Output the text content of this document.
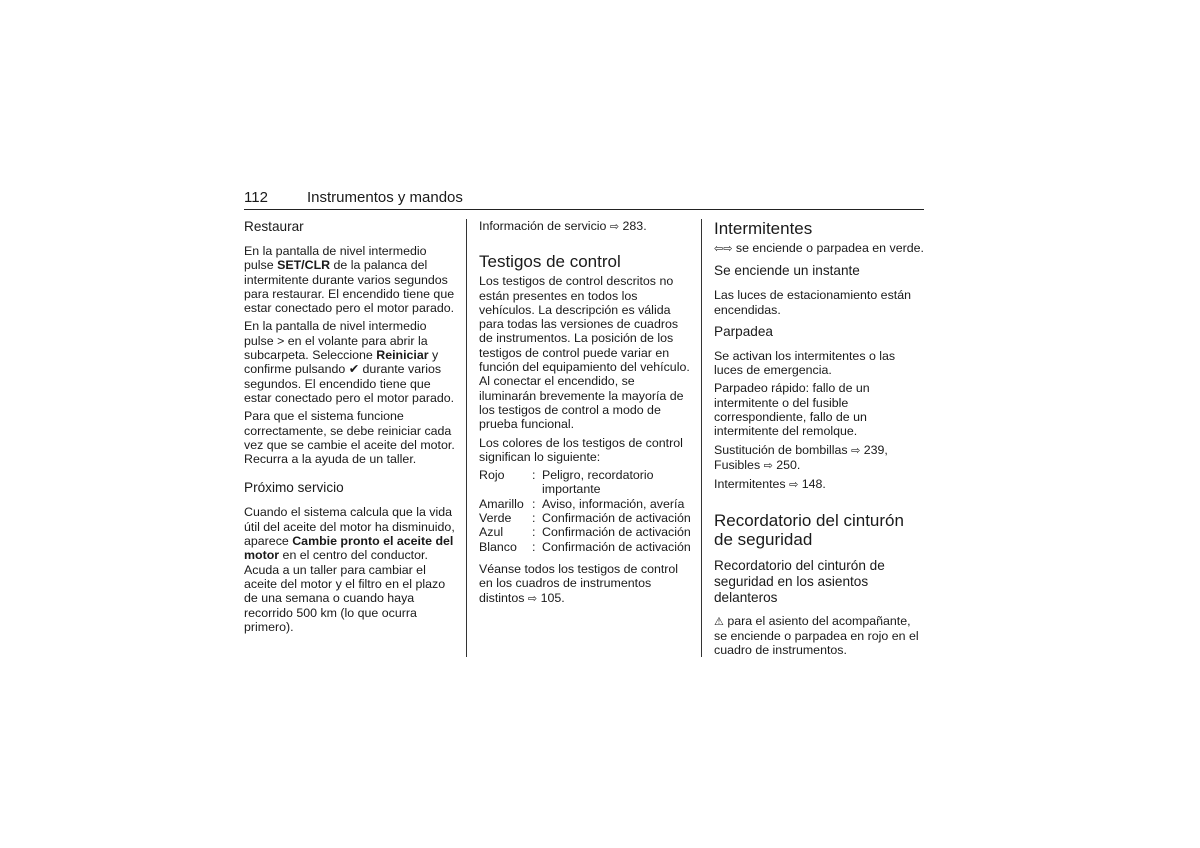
112	Instrumentos y mandos
Restaurar

En la pantalla de nivel intermedio pulse SET/CLR de la palanca del intermitente durante varios segundos para restaurar. El encendido tiene que estar conectado pero el motor parado.

En la pantalla de nivel intermedio pulse > en el volante para abrir la subcarpeta. Seleccione Reiniciar y confirme pulsando ✔ durante varios segundos. El encendido tiene que estar conectado pero el motor parado.

Para que el sistema funcione correctamente, se debe reiniciar cada vez que se cambie el aceite del motor. Recurra a la ayuda de un taller.

Próximo servicio

Cuando el sistema calcula que la vida útil del aceite del motor ha disminuido, aparece Cambie pronto el aceite del motor en el centro del conductor. Acuda a un taller para cambiar el aceite del motor y el filtro en el plazo de una semana o cuando haya recorrido 500 km (lo que ocurra primero).

Información de servicio ⇨ 283.

Testigos de control

Los testigos de control descritos no están presentes en todos los vehículos. La descripción es válida para todas las versiones de cuadros de instrumentos. La posición de los testigos de control puede variar en función del equipamiento del vehículo. Al conectar el encendido, se iluminarán brevemente la mayoría de los testigos de control a modo de prueba funcional.

Los colores de los testigos de control significan lo siguiente:

Rojo	:	Peligro, recordatorio importante
Amarillo	:	Aviso, información, avería
Verde	:	Confirmación de activación
Azul	:	Confirmación de activación
Blanco	:	Confirmación de activación

Véanse todos los testigos de control en los cuadros de instrumentos distintos ⇨ 105.

Intermitentes

⇦⇨ se enciende o parpadea en verde.

Se enciende un instante

Las luces de estacionamiento están encendidas.

Parpadea

Se activan los intermitentes o las luces de emergencia.

Parpadeo rápido: fallo de un intermitente o del fusible correspondiente, fallo de un intermitente del remolque.

Sustitución de bombillas ⇨ 239, Fusibles ⇨ 250.

Intermitentes ⇨ 148.

Recordatorio del cinturón de seguridad
Recordatorio del cinturón de seguridad en los asientos delanteros

⚠ para el asiento del acompañante, se enciende o parpadea en rojo en el cuadro de instrumentos.
